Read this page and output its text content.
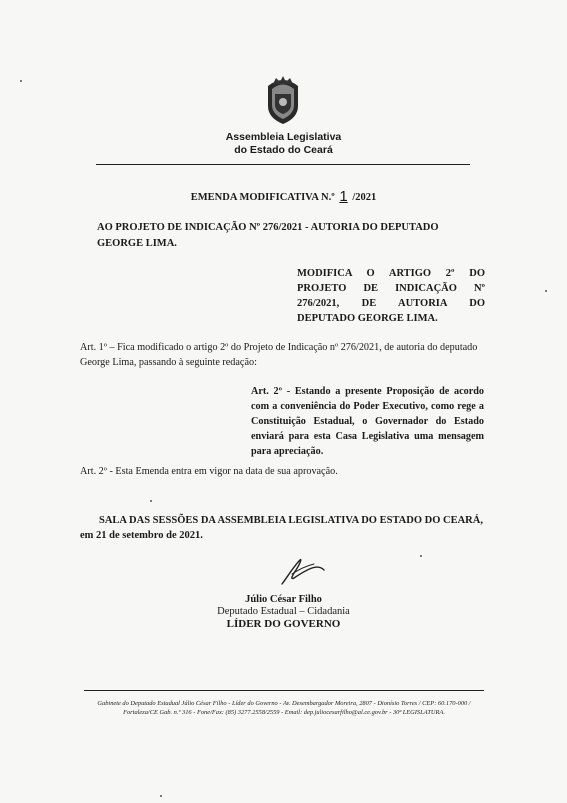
Assembleia Legislativa
do Estado do Ceará
EMENDA MODIFICATIVA N.º 1 /2021
AO PROJETO DE INDICAÇÃO Nº 276/2021 - AUTORIA DO DEPUTADO GEORGE LIMA.
MODIFICA O ARTIGO 2º DO PROJETO DE INDICAÇÃO Nº 276/2021, DE AUTORIA DO DEPUTADO GEORGE LIMA.
Art. 1º – Fica modificado o artigo 2º do Projeto de Indicação nº 276/2021, de autoria do deputado George Lima, passando à seguinte redação:
Art. 2º - Estando a presente Proposição de acordo com a conveniência do Poder Executivo, como rege a Constituição Estadual, o Governador do Estado enviará para esta Casa Legislativa uma mensagem para apreciação.
Art. 2º - Esta Emenda entra em vigor na data de sua aprovação.
SALA DAS SESSÕES DA ASSEMBLEIA LEGISLATIVA DO ESTADO DO CEARÁ, em 21 de setembro de 2021.
Júlio César Filho
Deputado Estadual – Cidadania
LÍDER DO GOVERNO
Gabinete do Deputado Estadual Júlio César Filho - Líder do Governo - Av. Desembargador Moreira, 2807 - Dionísio Torres / CEP: 60.170-000 /
Fortaleza/CE Gab. n.º 316 - Fone/Fax: (85) 3277.2558/2559 - Email: dep.juliocesarfilho@al.ce.gov.br - 30ª LEGISLATURA.
